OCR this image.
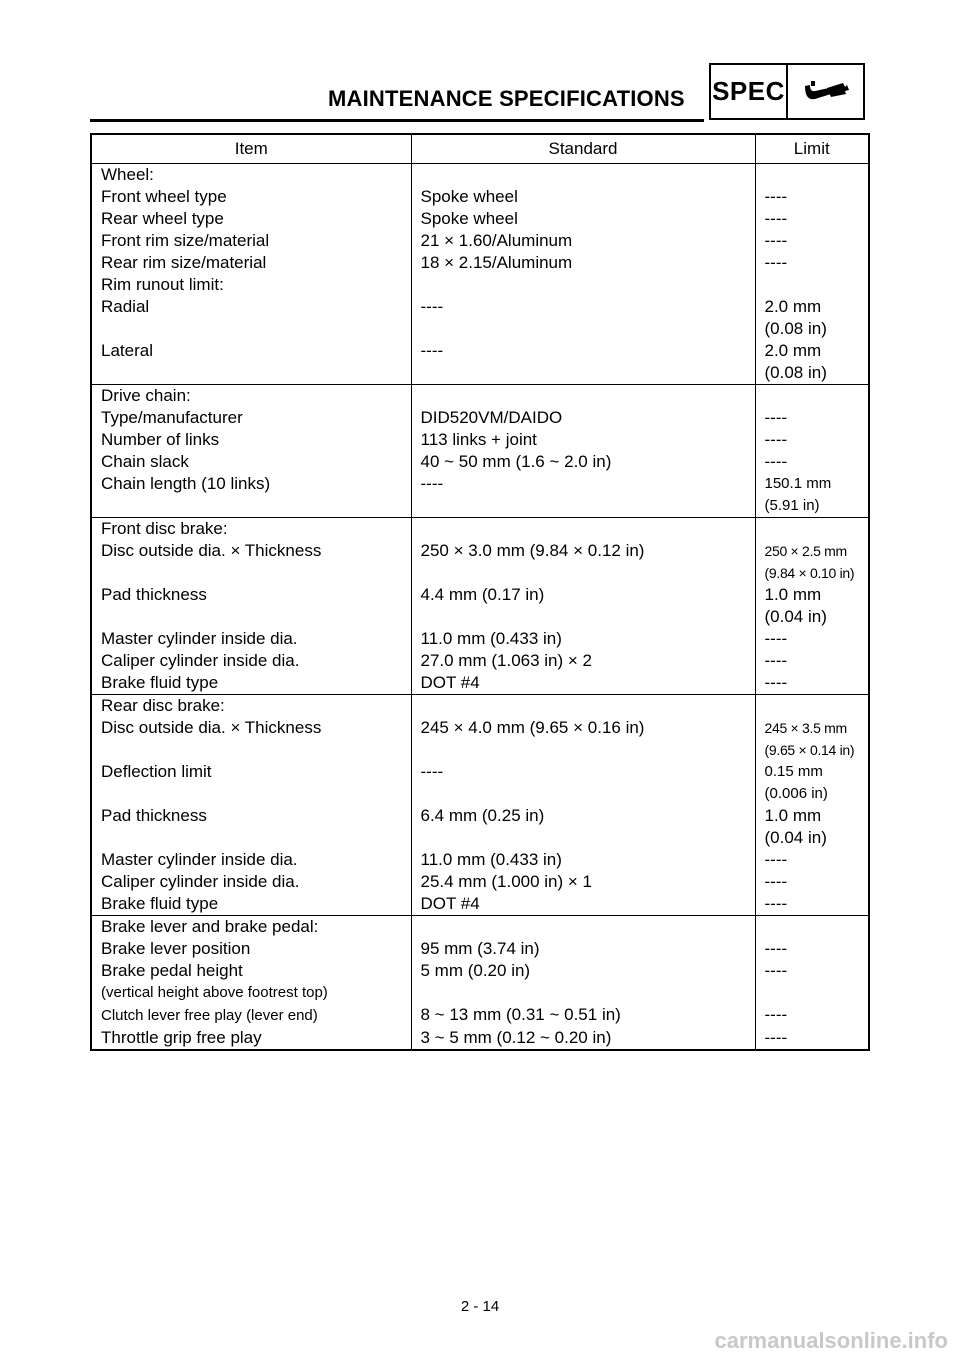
MAINTENANCE SPECIFICATIONS SPEC
Item	Standard	Limit
Wheel:		
Front wheel type	Spoke wheel	----
Rear wheel type	Spoke wheel	----
Front rim size/material	21 × 1.60/Aluminum	----
Rear rim size/material	18 × 2.15/Aluminum	----
Rim runout limit:		
Radial	----	2.0 mm
(0.08 in)

Lateral	----	2.0 mm
(0.08 in)

Drive chain:		
Type/manufacturer	DID520VM/DAIDO	----
Number of links	113 links + joint	----
Chain slack	40 ~ 50 mm (1.6 ~ 2.0 in)	----
Chain length (10 links)	----	150.1 mm
(5.91 in)

Front disc brake:		
Disc outside dia. × Thickness	250 × 3.0 mm (9.84 × 0.12 in)	250 × 2.5 mm
(9.84 × 0.10 in)

Pad thickness	4.4 mm (0.17 in)	1.0 mm
(0.04 in)

Master cylinder inside dia.	11.0 mm (0.433 in)	----
Caliper cylinder inside dia.	27.0 mm (1.063 in) × 2	----
Brake fluid type	DOT #4	----
Rear disc brake:		
Disc outside dia. × Thickness	245 × 4.0 mm (9.65 × 0.16 in)	245 × 3.5 mm
(9.65 × 0.14 in)

Deflection limit	----	0.15 mm
(0.006 in)

Pad thickness	6.4 mm (0.25 in)	1.0 mm
(0.04 in)

Master cylinder inside dia.	11.0 mm (0.433 in)	----
Caliper cylinder inside dia.	25.4 mm (1.000 in) × 1	----
Brake fluid type	DOT #4	----
Brake lever and brake pedal:		
Brake lever position	95 mm (3.74 in)	----

Brake pedal height
(vertical height above footrest top)	5 mm (0.20 in)	----
Clutch lever free play (lever end)	8 ~ 13 mm (0.31 ~ 0.51 in)	----
Throttle grip free play	3 ~ 5 mm (0.12 ~ 0.20 in)	----
2 - 14
carmanualsonline.info
